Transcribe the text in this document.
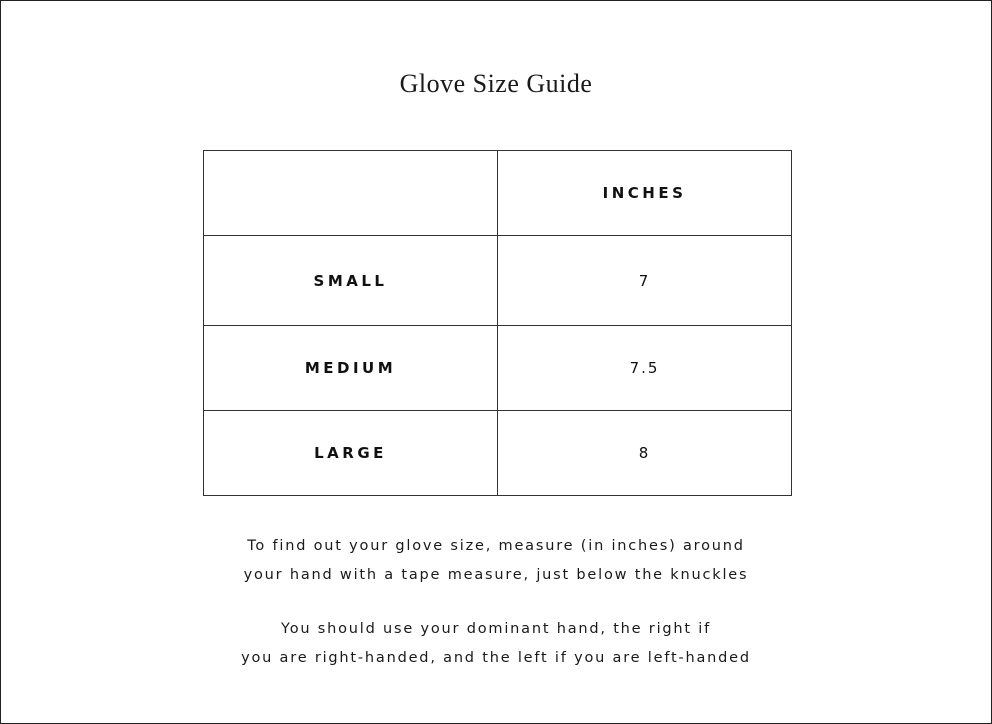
Glove Size Guide
	INCHES
SMALL	7
MEDIUM	7.5
LARGE	8

To find out your glove size, measure (in inches) around
your hand with a tape measure, just below the knuckles

You should use your dominant hand, the right if
you are right-handed, and the left if you are left-handed
